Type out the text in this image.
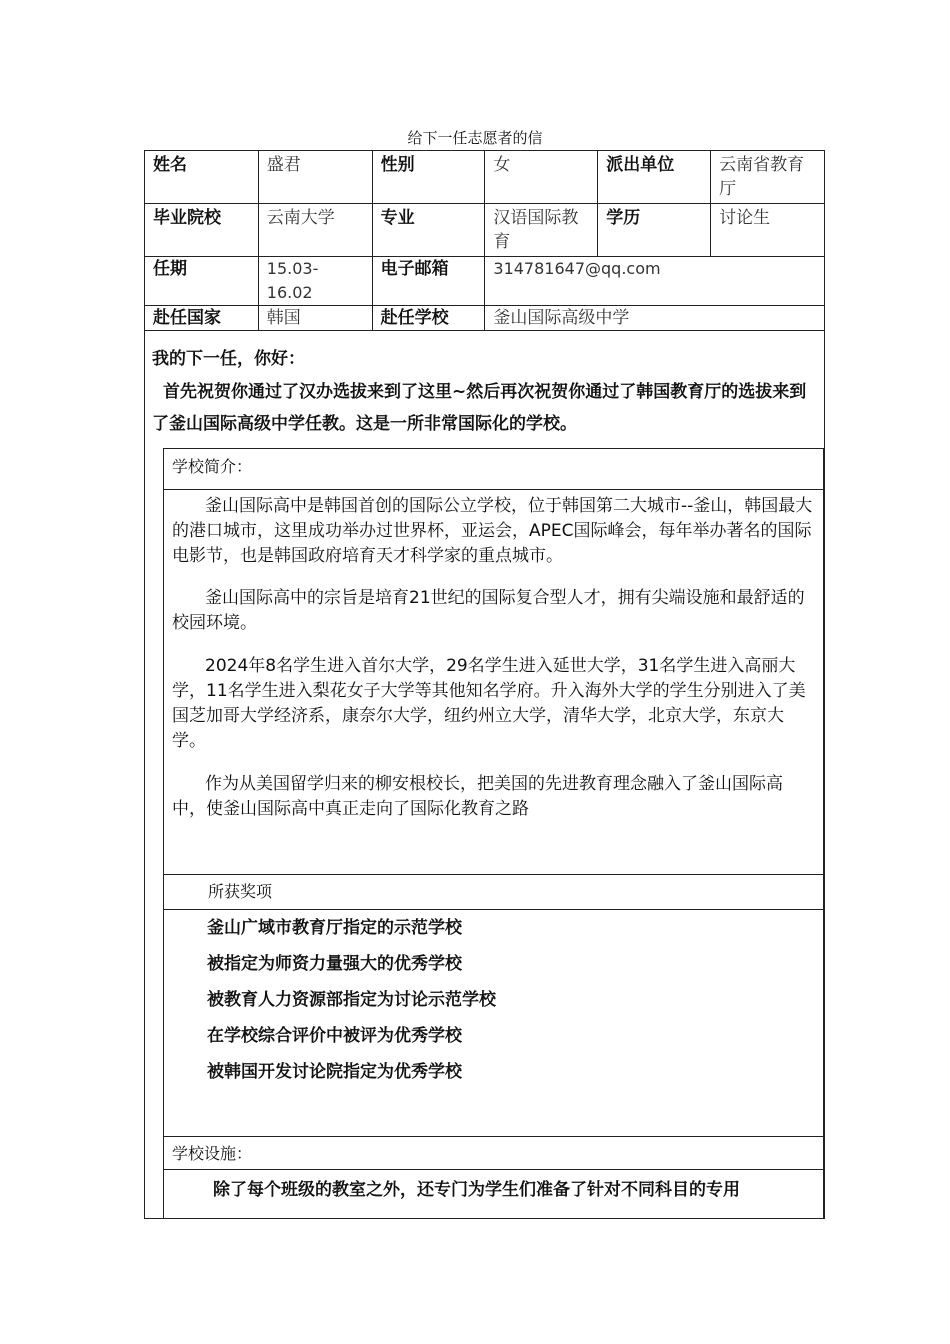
给下一任志愿者的信
姓名	盛君	性别	女	派出单位	云南省教育厅
毕业院校	云南大学	专业	汉语国际教育	学历	讨论生
任期	15.03-16.02	电子邮箱	314781647@qq.com		
赴任国家	韩国	赴任学校	釜山国际高级中学		
我的下一任，你好：
首先祝贺你通过了汉办选拔来到了这里~然后再次祝贺你通过了韩国教育厅的选拔来到了釜山国际高级中学任教。这是一所非常国际化的学校。
学校简介：
釜山国际高中是韩国首创的国际公立学校，位于韩国第二大城市--釜山，韩国最大的港口城市，这里成功举办过世界杯，亚运会，APEC国际峰会，每年举办著名的国际电影节，也是韩国政府培育天才科学家的重点城市。
釜山国际高中的宗旨是培育21世纪的国际复合型人才，拥有尖端设施和最舒适的校园环境。
2024年8名学生进入首尔大学，29名学生进入延世大学，31名学生进入高丽大学，11名学生进入梨花女子大学等其他知名学府。升入海外大学的学生分别进入了美国芝加哥大学经济系，康奈尔大学，纽约州立大学，清华大学，北京大学，东京大学。
作为从美国留学归来的柳安根校长，把美国的先进教育理念融入了釜山国际高中，使釜山国际高中真正走向了国际化教育之路
所获奖项
釜山广域市教育厅指定的示范学校
被指定为师资力量强大的优秀学校
被教育人力资源部指定为讨论示范学校
在学校综合评价中被评为优秀学校
被韩国开发讨论院指定为优秀学校
学校设施：
除了每个班级的教室之外，还专门为学生们准备了针对不同科目的专用
